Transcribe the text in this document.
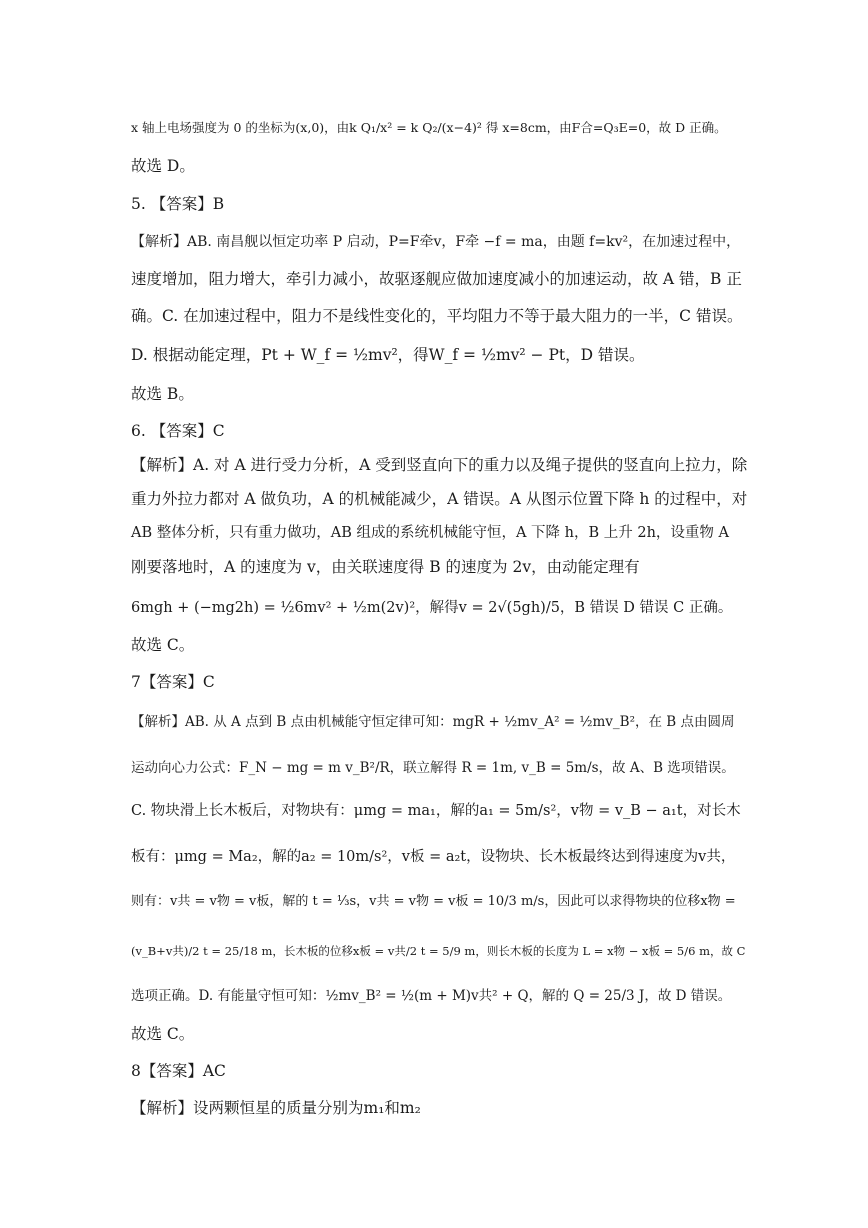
x 轴上电场强度为 0 的坐标为(x,0)，由k Q₁/x² = k Q₂/(x−4)² 得 x=8cm，由F合=Q₃E=0，故 D 正确。
故选 D。
5. 【答案】B
【解析】AB. 南昌舰以恒定功率 P 启动，P=F牵v，F牵 −f = ma，由题 f=kv²，在加速过程中，
速度增加，阻力增大，牵引力减小，故驱逐舰应做加速度减小的加速运动，故 A 错，B 正
确。C. 在加速过程中，阻力不是线性变化的，平均阻力不等于最大阻力的一半，C 错误。
D. 根据动能定理，Pt + W_f = ½mv²，得W_f = ½mv² − Pt，D 错误。
故选 B。
6. 【答案】C
【解析】A. 对 A 进行受力分析，A 受到竖直向下的重力以及绳子提供的竖直向上拉力，除
重力外拉力都对 A 做负功，A 的机械能减少，A 错误。A 从图示位置下降 h 的过程中，对
AB 整体分析，只有重力做功，AB 组成的系统机械能守恒，A 下降 h，B 上升 2h，设重物 A
刚要落地时，A 的速度为 v，由关联速度得 B 的速度为 2v，由动能定理有
6mgh + (−mg2h) = ½6mv² + ½m(2v)²，解得v = 2√(5gh)/5，B 错误 D 错误 C 正确。
故选 C。
7【答案】C
【解析】AB. 从 A 点到 B 点由机械能守恒定律可知：mgR + ½mv_A² = ½mv_B²，在 B 点由圆周
运动向心力公式：F_N − mg = m v_B²/R，联立解得 R = 1m, v_B = 5m/s，故 A、B 选项错误。
C. 物块滑上长木板后，对物块有：μmg = ma₁，解的a₁ = 5m/s²，v物 = v_B − a₁t，对长木
板有：μmg = Ma₂，解的a₂ = 10m/s²，v板 = a₂t，设物块、长木板最终达到得速度为v共，
则有：v共 = v物 = v板，解的 t = ⅓s，v共 = v物 = v板 = 10/3 m/s，因此可以求得物块的位移x物 =
(v_B+v共)/2 t = 25/18 m，长木板的位移x板 = v共/2 t = 5/9 m，则长木板的长度为 L = x物 − x板 = 5/6 m，故 C
选项正确。D. 有能量守恒可知：½mv_B² = ½(m + M)v共² + Q，解的 Q = 25/3 J，故 D 错误。
故选 C。
8【答案】AC
【解析】设两颗恒星的质量分别为m₁和m₂
